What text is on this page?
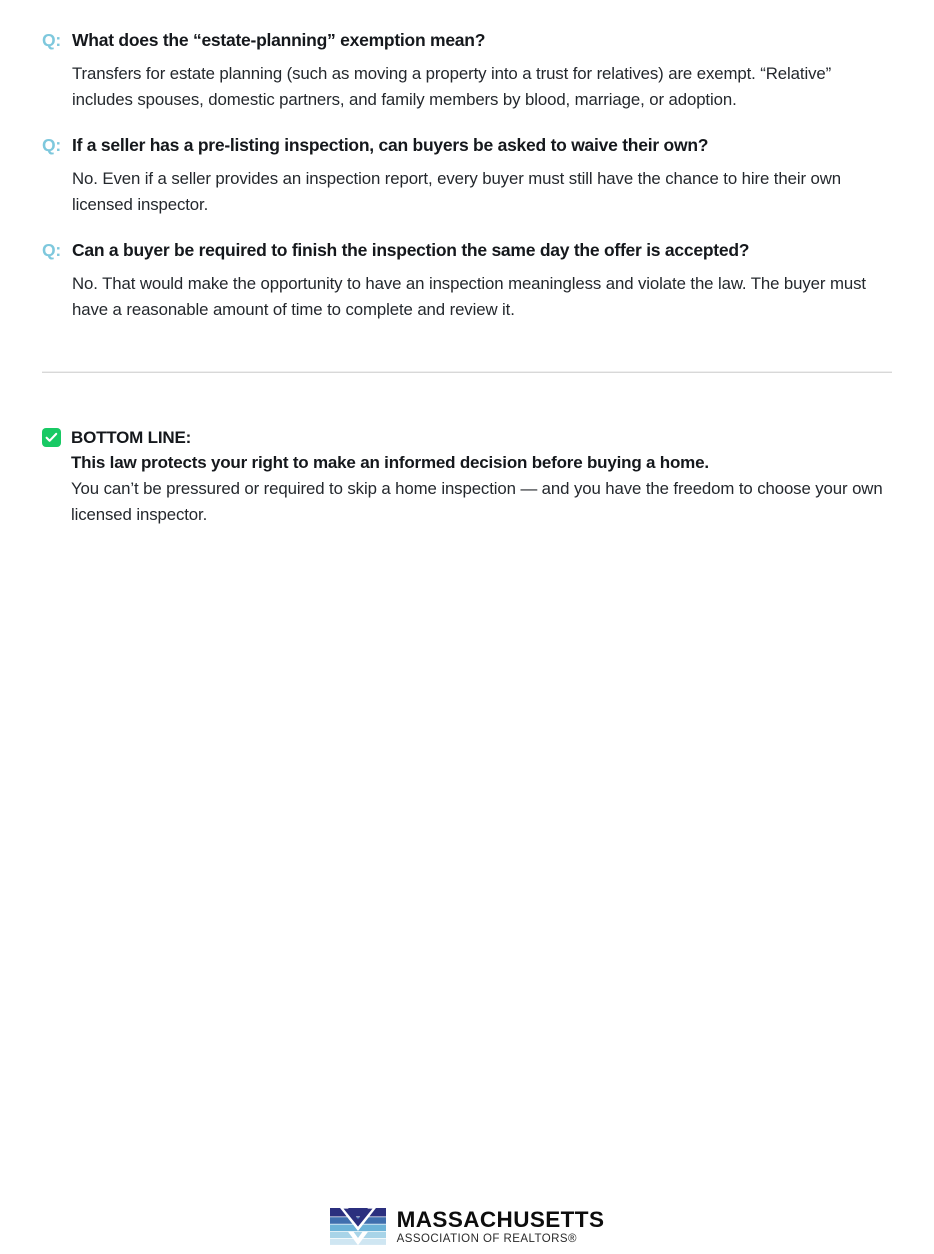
Q: What does the “estate-planning” exemption mean?
Transfers for estate planning (such as moving a property into a trust for relatives) are exempt. “Relative” includes spouses, domestic partners, and family members by blood, marriage, or adoption.
Q: If a seller has a pre-listing inspection, can buyers be asked to waive their own?
No. Even if a seller provides an inspection report, every buyer must still have the chance to hire their own licensed inspector.
Q: Can a buyer be required to finish the inspection the same day the offer is accepted?
No. That would make the opportunity to have an inspection meaningless and violate the law. The buyer must have a reasonable amount of time to complete and review it.
BOTTOM LINE:
This law protects your right to make an informed decision before buying a home.
You can’t be pressured or required to skip a home inspection — and you have the freedom to choose your own licensed inspector.
MASSACHUSETTS
ASSOCIATION OF REALTORS®
